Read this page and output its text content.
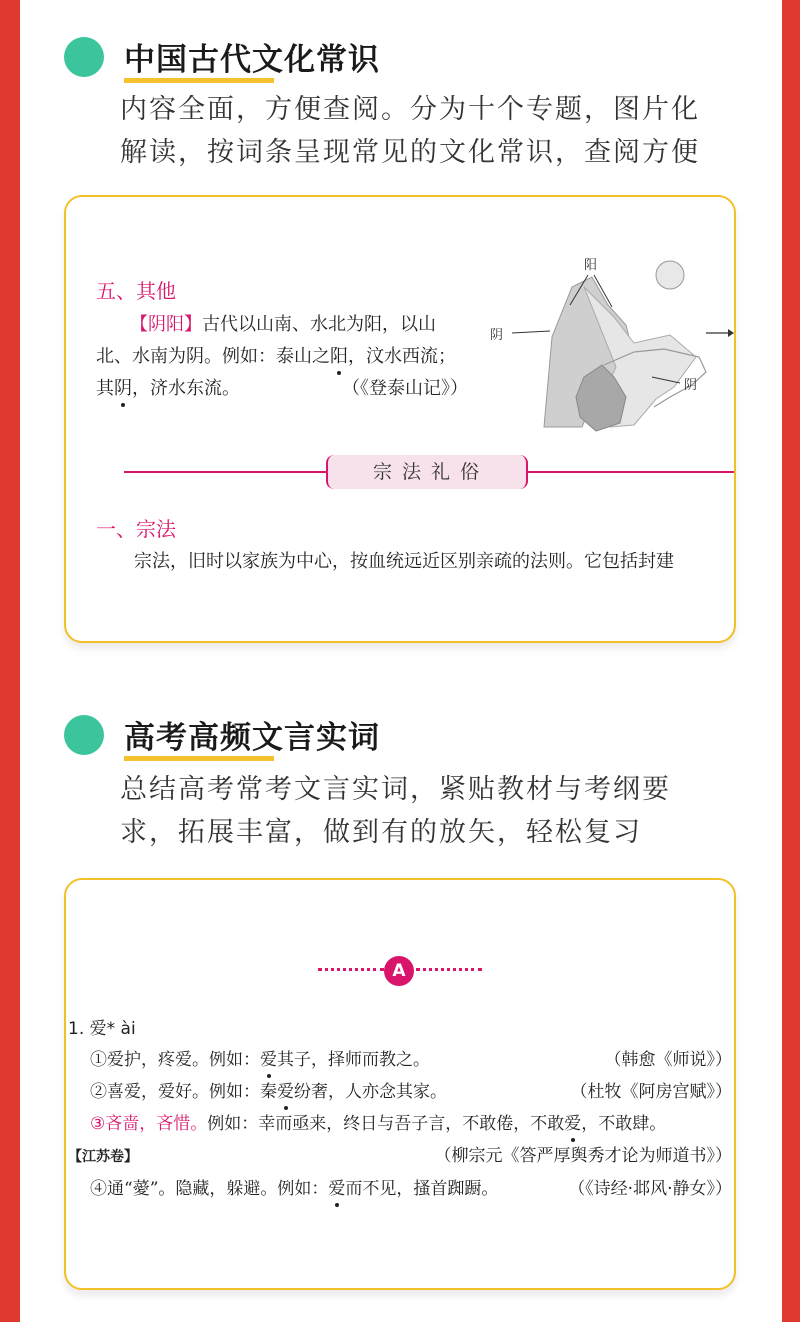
中国古代文化常识
内容全面，方便查阅。分为十个专题，图片化
解读，按词条呈现常见的文化常识，查阅方便
五、其他
【阴阳】古代以山南、水北为阳，以山
北、水南为阴。例如：泰山之阳，汶水西流；
其阴，济水东流。	（《登泰山记》）
阳
阴
阴
宗 法 礼 俗
一、宗法
宗法，旧时以家族为中心，按血统远近区别亲疏的法则。它包括封建
高考高频文言实词
总结高考常考文言实词，紧贴教材与考纲要
求，拓展丰富，做到有的放矢，轻松复习
A
1. 爱* ài
①爱护，疼爱。例如：爱其子，择师而教之。	（韩愈《师说》）
②喜爱，爱好。例如：秦爱纷奢，人亦念其家。	（杜牧《阿房宫赋》）
③吝啬，吝惜。例如：幸而亟来，终日与吾子言，不敢倦，不敢爱，不敢肆。
【江苏卷】	（柳宗元《答严厚舆秀才论为师道书》）
④通“薆”。隐藏，躲避。例如：爱而不见，搔首踟蹰。	（《诗经·邶风·静女》）
